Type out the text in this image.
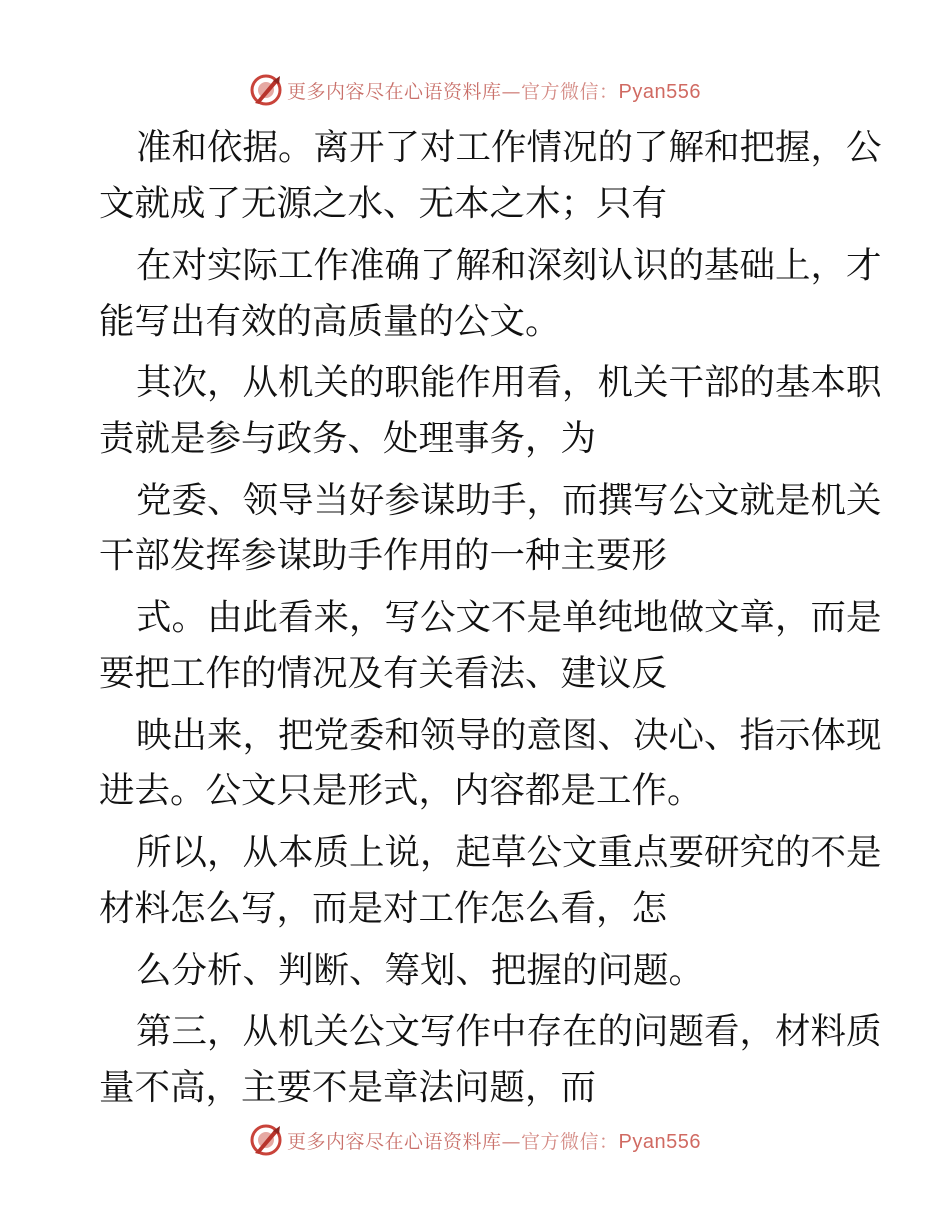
更多内容尽在心语资料库—官方微信：Pyan556
准和依据。离开了对工作情况的了解和把握，公
文就成了无源之水、无本之木；只有
在对实际工作准确了解和深刻认识的基础上，才
能写出有效的高质量的公文。
其次，从机关的职能作用看，机关干部的基本职
责就是参与政务、处理事务，为
党委、领导当好参谋助手，而撰写公文就是机关
干部发挥参谋助手作用的一种主要形
式。由此看来，写公文不是单纯地做文章，而是
要把工作的情况及有关看法、建议反
映出来，把党委和领导的意图、决心、指示体现
进去。公文只是形式，内容都是工作。
所以，从本质上说，起草公文重点要研究的不是
材料怎么写，而是对工作怎么看，怎
么分析、判断、筹划、把握的问题。
第三，从机关公文写作中存在的问题看，材料质
量不高，主要不是章法问题，而
更多内容尽在心语资料库—官方微信：Pyan556
